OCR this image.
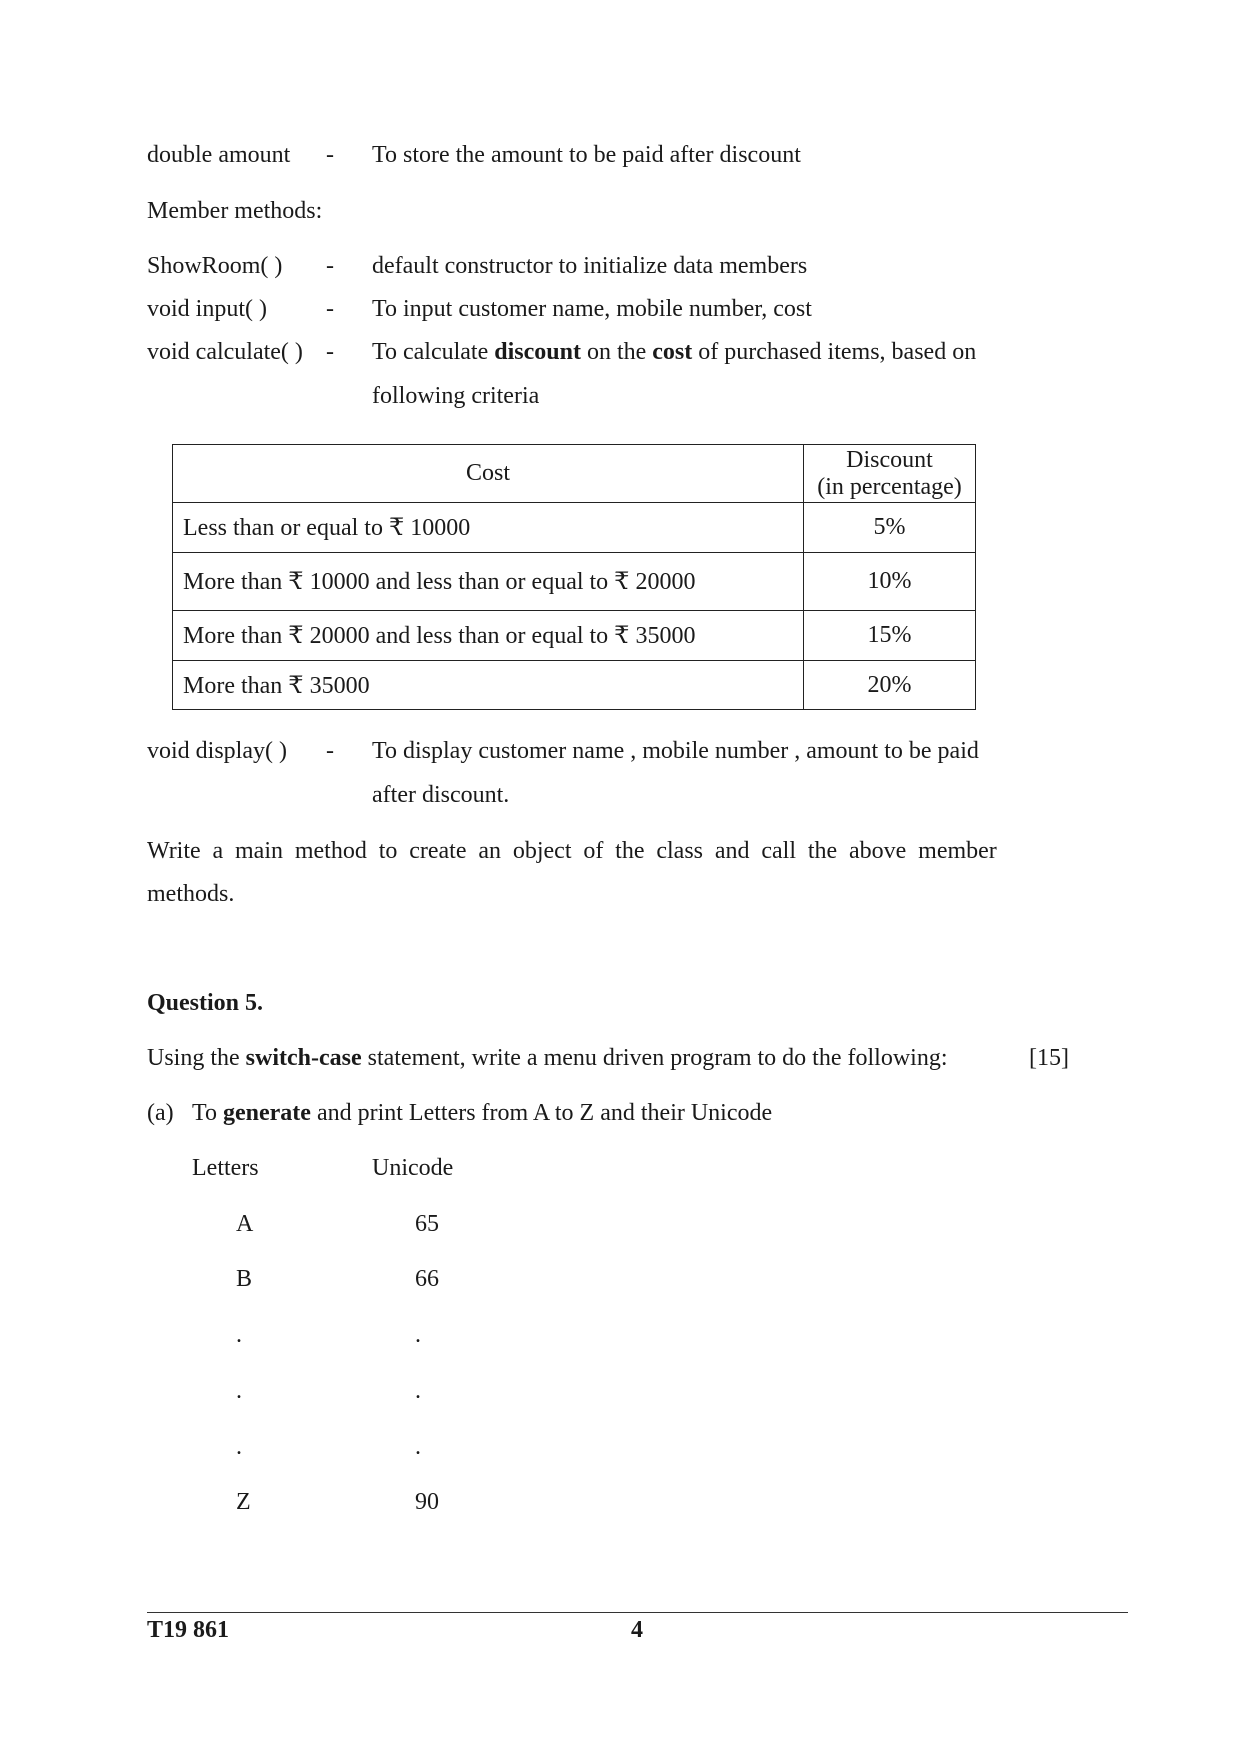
double amount - To store the amount to be paid after discount
Member methods:
ShowRoom( ) - default constructor to initialize data members
void input( ) - To input customer name, mobile number, cost
void calculate( ) - To calculate discount on the cost of purchased items, based on
following criteria
Cost	Discount
(in percentage)
Less than or equal to ₹ 10000	5%
More than ₹ 10000 and less than or equal to ₹ 20000	10%
More than ₹ 20000 and less than or equal to ₹ 35000	15%
More than ₹ 35000	20%
void display( ) - To display customer name , mobile number , amount to be paid
after discount.
Write a main method to create an object of the class and call the above member
methods.
Question 5.
Using the switch-case statement, write a menu driven program to do the following:	[15]
(a) To generate and print Letters from A to Z and their Unicode
Letters	Unicode
A	65
B	66
.	.
.	.
.	.
Z	90
T19 861	4
